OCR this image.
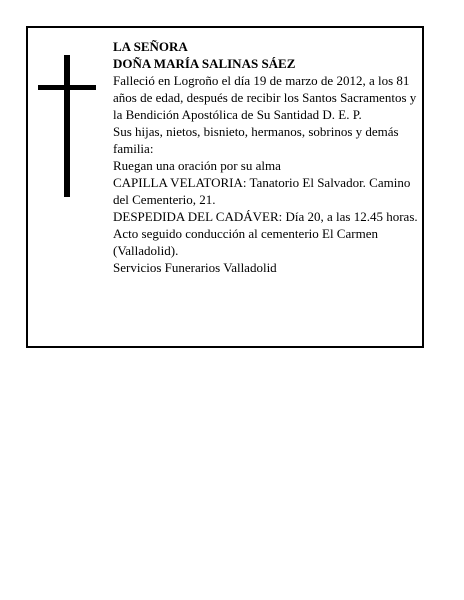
LA SEÑORA

DOÑA MARÍA SALINAS SÁEZ

Falleció en Logroño el día 19 de marzo de 2012, a los 81 años de edad, después de recibir los Santos Sacramentos y la Bendición Apostólica de Su Santidad D. E. P.

Sus hijas, nietos, bisnieto, hermanos, sobrinos y demás familia:

Ruegan una oración por su alma

CAPILLA VELATORIA: Tanatorio El Salvador. Camino del Cementerio, 21.

DESPEDIDA DEL CADÁVER: Día 20, a las 12.45 horas. Acto seguido conducción al cementerio El Carmen (Valladolid).

Servicios Funerarios Valladolid
